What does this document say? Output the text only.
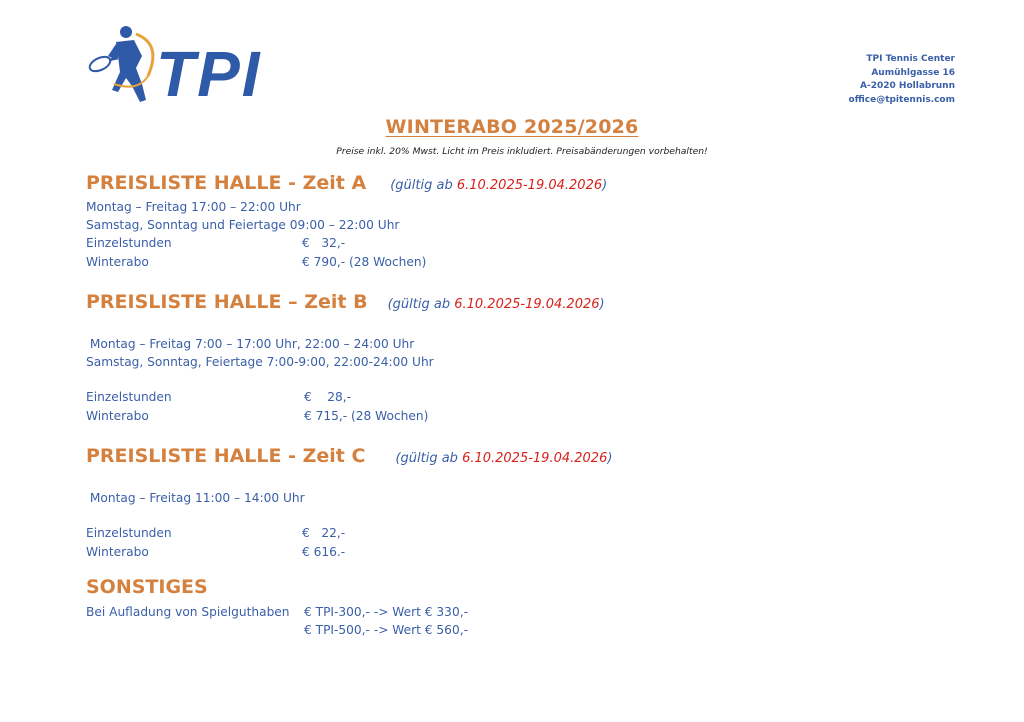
TPI	TPI Tennis Center
Aumühlgasse 16
A-2020 Hollabrunn
office@tpitennis.com
WINTERABO 2025/2026
Preise inkl. 20% Mwst. Licht im Preis inkludiert. Preisabänderungen vorbehalten!
PREISLISTE HALLE - Zeit A (gültig ab 6.10.2025-19.04.2026)
Montag – Freitag 17:00 – 22:00 Uhr
Samstag, Sonntag und Feiertage 09:00 – 22:00 Uhr
Einzelstunden	€   32,-
Winterabo	€ 790,- (28 Wochen)
PREISLISTE HALLE – Zeit B (gültig ab 6.10.2025-19.04.2026)
Montag – Freitag 7:00 – 17:00 Uhr, 22:00 – 24:00 Uhr
Samstag, Sonntag, Feiertage 7:00-9:00, 22:00-24:00 Uhr
Einzelstunden	€    28,-
Winterabo	€ 715,- (28 Wochen)
PREISLISTE HALLE - Zeit C (gültig ab 6.10.2025-19.04.2026)
Montag – Freitag 11:00 – 14:00 Uhr
Einzelstunden	€   22,-
Winterabo	€ 616.-
SONSTIGES
Bei Aufladung von Spielguthaben € TPI-300,- -> Wert € 330,-
€ TPI-500,- -> Wert € 560,-
